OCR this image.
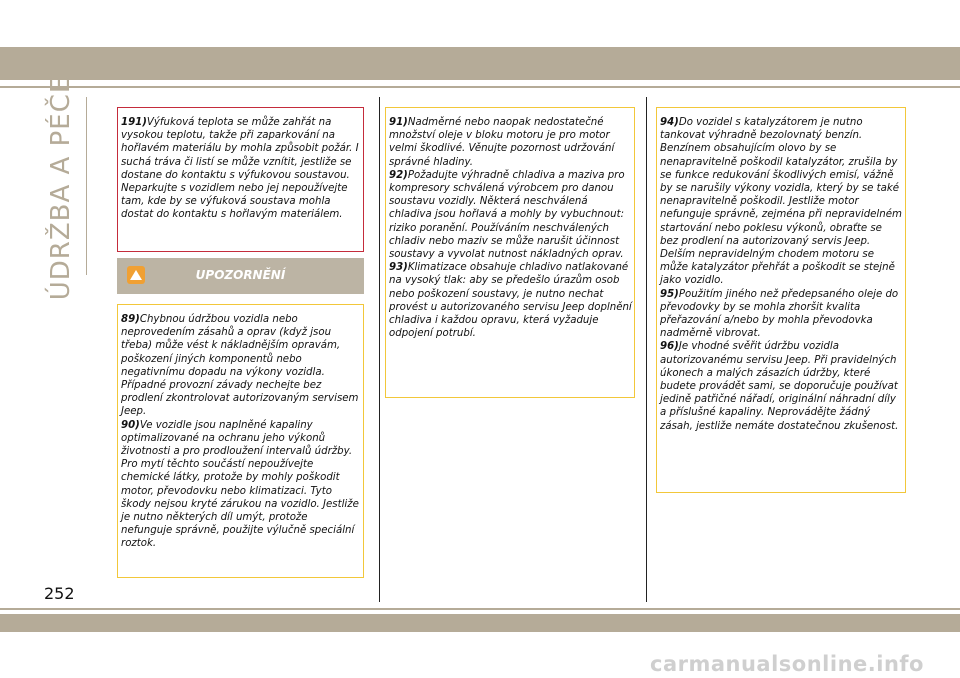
ÚDRŽBA A PÉČE	191)Výfuková teplota se může zahřát na vysokou teplotu, takže při zaparkování na hořlavém materiálu by mohla způsobit požár. I suchá tráva či listí se může vznítit, jestliže se dostane do kontaktu s výfukovou soustavou. Neparkujte s vozidlem nebo jej nepoužívejte tam, kde by se výfuková soustava mohla dostat do kontaktu s hořlavým materiálem.

UPOZORNĚNÍ

89)Chybnou údržbou vozidla nebo neprovedením zásahů a oprav (když jsou třeba) může vést k nákladnějším opravám, poškození jiných komponentů nebo negativnímu dopadu na výkony vozidla. Případné provozní závady nechejte bez prodlení zkontrolovat autorizovaným servisem Jeep.

90)Ve vozidle jsou naplněné kapaliny optimalizované na ochranu jeho výkonů životnosti a pro prodloužení intervalů údržby. Pro mytí těchto součástí nepoužívejte chemické látky, protože by mohly poškodit motor, převodovku nebo klimatizaci. Tyto škody nejsou kryté zárukou na vozidlo. Jestliže je nutno některých díl umýt, protože nefunguje správně, použijte výlučně speciální roztok.

91)Nadměrné nebo naopak nedostatečné množství oleje v bloku motoru je pro motor velmi škodlivé. Věnujte pozornost udržování správné hladiny.

92)Požadujte výhradně chladiva a maziva pro kompresory schválená výrobcem pro danou soustavu vozidly. Některá neschválená chladiva jsou hořlavá a mohly by vybuchnout: riziko poranění. Používáním neschválených chladiv nebo maziv se může narušit účinnost soustavy a vyvolat nutnost nákladných oprav.

93)Klimatizace obsahuje chladivo natlakované na vysoký tlak: aby se předešlo úrazům osob nebo poškození soustavy, je nutno nechat provést u autorizovaného servisu Jeep doplnění chladiva i každou opravu, která vyžaduje odpojení potrubí.

94)Do vozidel s katalyzátorem je nutno tankovat výhradně bezolovnatý benzín. Benzínem obsahujícím olovo by se nenapravitelně poškodil katalyzátor, zrušila by se funkce redukování škodlivých emisí, vážně by se narušily výkony vozidla, který by se také nenapravitelně poškodil. Jestliže motor nefunguje správně, zejména při nepravidelném startování nebo poklesu výkonů, obraťte se bez prodlení na autorizovaný servis Jeep. Delším nepravidelným chodem motoru se může katalyzátor přehřát a poškodit se stejně jako vozidlo.

95)Použitím jiného než předepsaného oleje do převodovky by se mohla zhoršit kvalita přeřazování a/nebo by mohla převodovka nadměrně vibrovat.

96)Je vhodné svěřit údržbu vozidla autorizovanému servisu Jeep. Při pravidelných úkonech a malých zásazích údržby, které budete provádět sami, se doporučuje používat jedině patřičné nářadí, originální náhradní díly a příslušné kapaliny. Neprovádějte žádný zásah, jestliže nemáte dostatečnou zkušenost.

252
carmanualsonline.info
